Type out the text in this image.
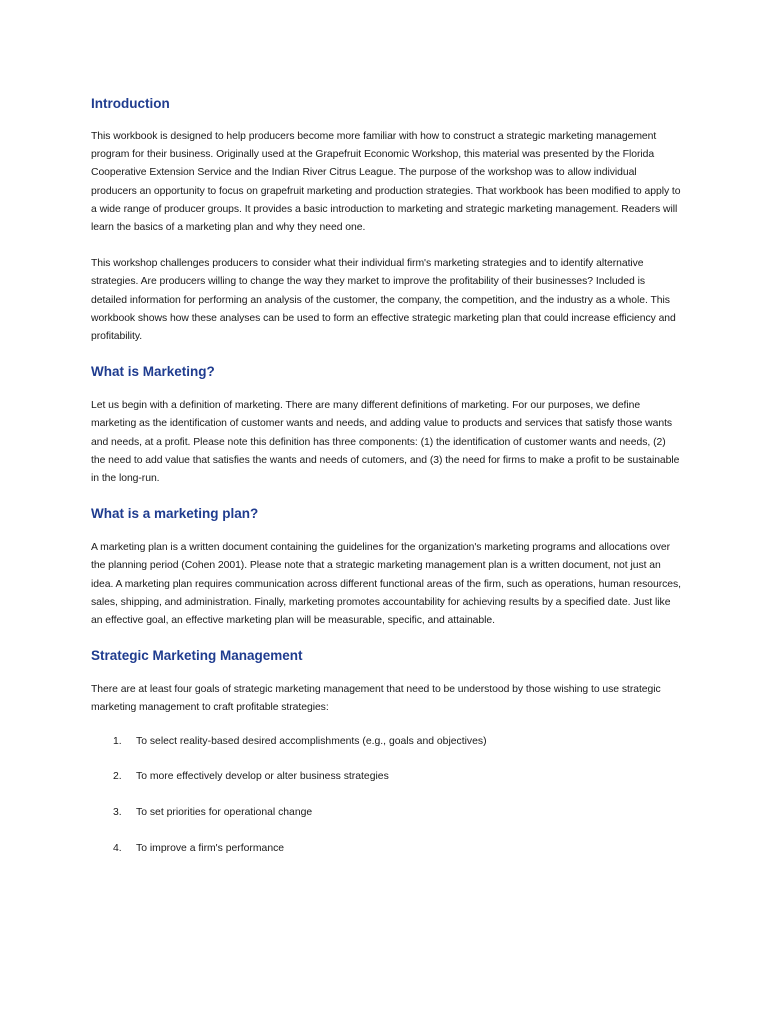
Introduction

This workbook is designed to help producers become more familiar with how to construct a strategic marketing management program for their business. Originally used at the Grapefruit Economic Workshop, this material was presented by the Florida Cooperative Extension Service and the Indian River Citrus League. The purpose of the workshop was to allow individual producers an opportunity to focus on grapefruit marketing and production strategies. That workbook has been modified to apply to a wide range of producer groups. It provides a basic introduction to marketing and strategic marketing management. Readers will learn the basics of a marketing plan and why they need one.

This workshop challenges producers to consider what their individual firm's marketing strategies and to identify alternative strategies. Are producers willing to change the way they market to improve the profitability of their businesses? Included is detailed information for performing an analysis of the customer, the company, the competition, and the industry as a whole. This workbook shows how these analyses can be used to form an effective strategic marketing plan that could increase efficiency and profitability.

What is Marketing?

Let us begin with a definition of marketing. There are many different definitions of marketing. For our purposes, we define marketing as the identification of customer wants and needs, and adding value to products and services that satisfy those wants and needs, at a profit. Please note this definition has three components: (1) the identification of customer wants and needs, (2) the need to add value that satisfies the wants and needs of cutomers, and (3) the need for firms to make a profit to be sustainable in the long-run.

What is a marketing plan?

A marketing plan is a written document containing the guidelines for the organization's marketing programs and allocations over the planning period (Cohen 2001). Please note that a strategic marketing management plan is a written document, not just an idea. A marketing plan requires communication across different functional areas of the firm, such as operations, human resources, sales, shipping, and administration. Finally, marketing promotes accountability for achieving results by a specified date. Just like an effective goal, an effective marketing plan will be measurable, specific, and attainable.

Strategic Marketing Management

There are at least four goals of strategic marketing management that need to be understood by those wishing to use strategic marketing management to craft profitable strategies:

1. To select reality-based desired accomplishments (e.g., goals and objectives)
2. To more effectively develop or alter business strategies
3. To set priorities for operational change
4. To improve a firm's performance
